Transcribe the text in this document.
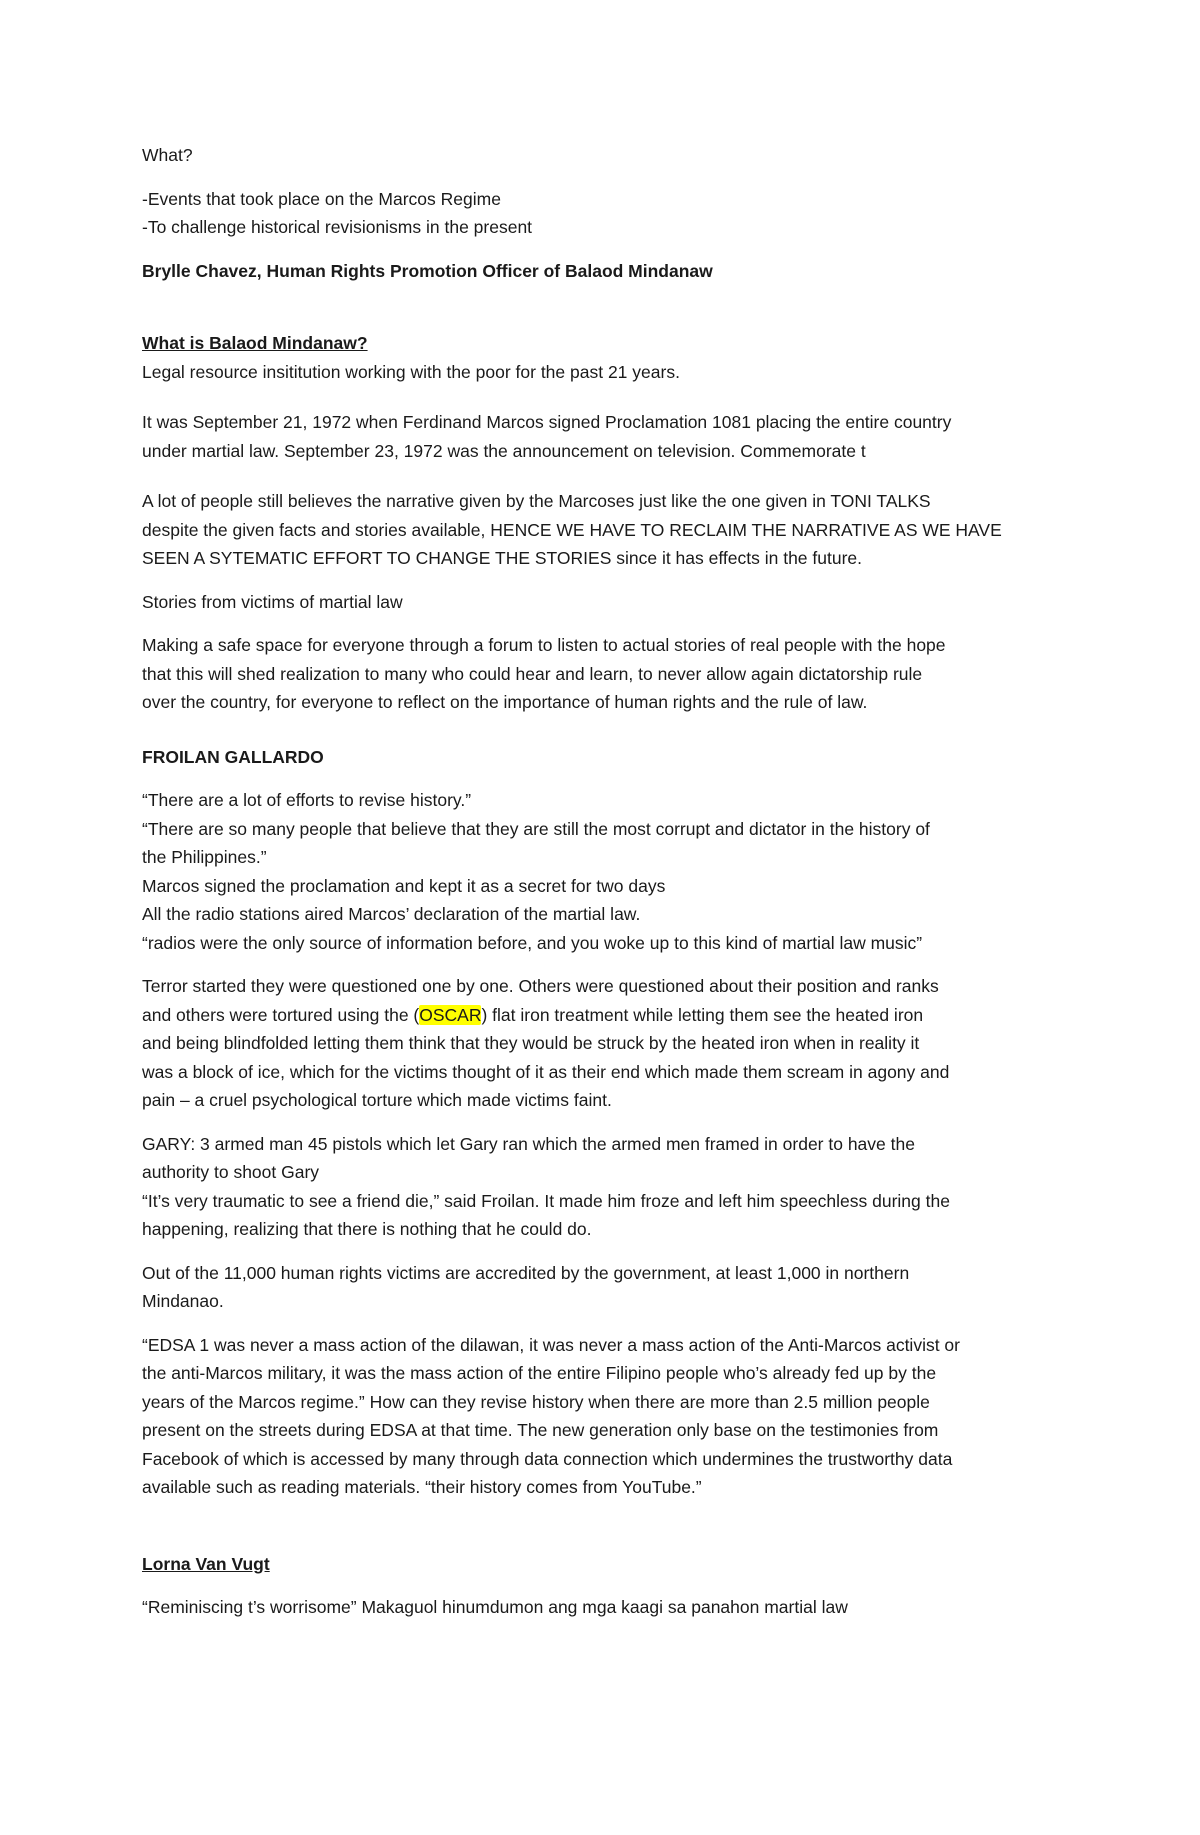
What?

-Events that took place on the Marcos Regime
-To challenge historical revisionisms in the present

Brylle Chavez, Human Rights Promotion Officer of Balaod Mindanaw

What is Balaod Mindanaw?
Legal resource insititution working with the poor for the past 21 years.

It was September 21, 1972 when Ferdinand Marcos signed Proclamation 1081 placing the entire country
under martial law. September 23, 1972 was the announcement on television. Commemorate t

A lot of people still believes the narrative given by the Marcoses just like the one given in TONI TALKS
despite the given facts and stories available, HENCE WE HAVE TO RECLAIM THE NARRATIVE AS WE HAVE
SEEN A SYTEMATIC EFFORT TO CHANGE THE STORIES since it has effects in the future.

Stories from victims of martial law

Making a safe space for everyone through a forum to listen to actual stories of real people with the hope
that this will shed realization to many who could hear and learn, to never allow again dictatorship rule
over the country, for everyone to reflect on the importance of human rights and the rule of law.

FROILAN GALLARDO

“There are a lot of efforts to revise history.”
“There are so many people that believe that they are still the most corrupt and dictator in the history of
the Philippines.”
Marcos signed the proclamation and kept it as a secret for two days
All the radio stations aired Marcos’ declaration of the martial law.
“radios were the only source of information before, and you woke up to this kind of martial law music”

Terror started they were questioned one by one. Others were questioned about their position and ranks
and others were tortured using the (OSCAR) flat iron treatment while letting them see the heated iron
and being blindfolded letting them think that they would be struck by the heated iron when in reality it
was a block of ice, which for the victims thought of it as their end which made them scream in agony and
pain – a cruel psychological torture which made victims faint.

GARY: 3 armed man 45 pistols which let Gary ran which the armed men framed in order to have the
authority to shoot Gary
“It’s very traumatic to see a friend die,” said Froilan. It made him froze and left him speechless during the
happening, realizing that there is nothing that he could do.

Out of the 11,000 human rights victims are accredited by the government, at least 1,000 in northern
Mindanao.

“EDSA 1 was never a mass action of the dilawan, it was never a mass action of the Anti-Marcos activist or
the anti-Marcos military, it was the mass action of the entire Filipino people who’s already fed up by the
years of the Marcos regime.” How can they revise history when there are more than 2.5 million people
present on the streets during EDSA at that time. The new generation only base on the testimonies from
Facebook of which is accessed by many through data connection which undermines the trustworthy data
available such as reading materials. “their history comes from YouTube.”

Lorna Van Vugt

“Reminiscing t’s worrisome” Makaguol hinumdumon ang mga kaagi sa panahon martial law
